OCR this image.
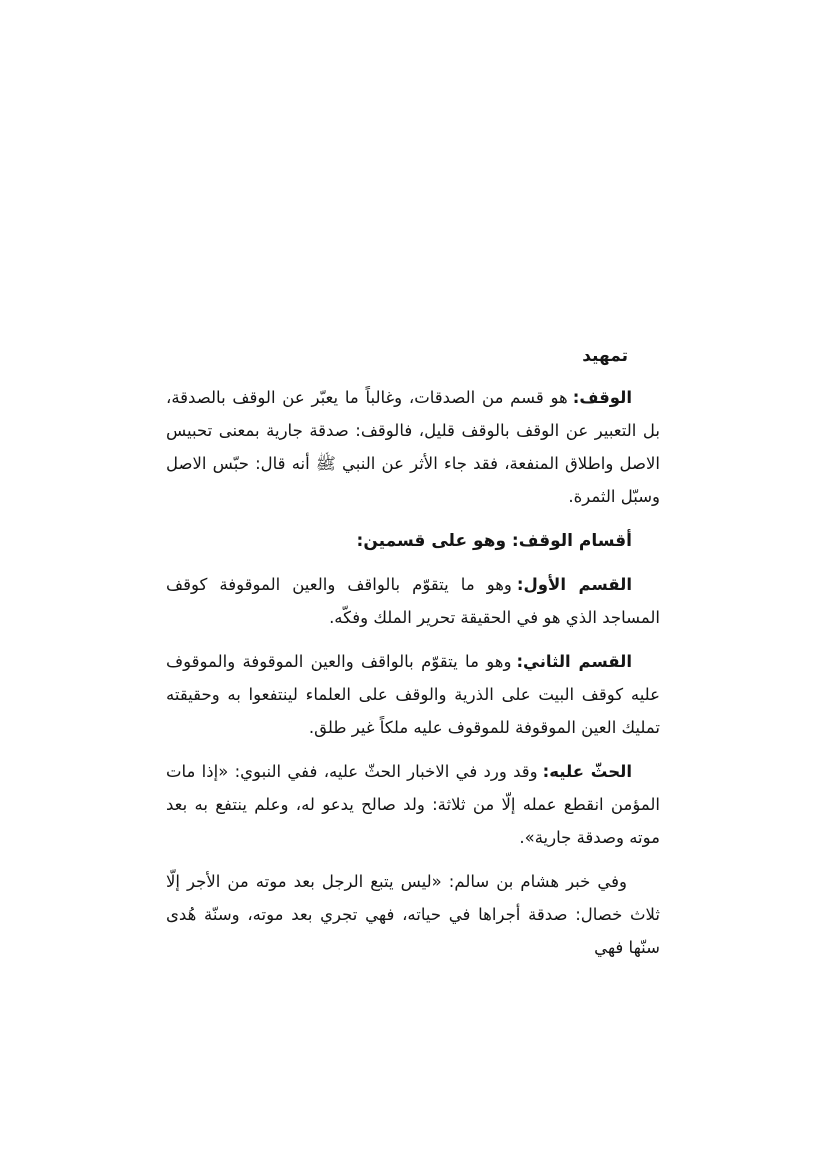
تمهيد

الوقف:هو قسم من الصدقات، وغالباً ما يعبّر عن الوقف بالصدقة، بل التعبير عن الوقف بالوقف قليل، فالوقف: صدقة جارية بمعنى تحبيس الاصل واطلاق المنفعة، فقد جاء الأثر عن النبي ﷺ أنه قال: حبّس الاصل وسبّل الثمرة.

أقسام الوقف: وهو على قسمين:

القسم الأول:وهو ما يتقوّم بالواقف والعين الموقوفة كوقف المساجد الذي هو في الحقيقة تحرير الملك وفكّه.

القسم الثاني:وهو ما يتقوّم بالواقف والعين الموقوفة والموقوف عليه كوقف البيت على الذرية والوقف على العلماء لينتفعوا به وحقيقته تمليك العين الموقوفة للموقوف عليه ملكاً غير طلق.

الحثّ عليه:وقد ورد في الاخبار الحثّ عليه، ففي النبوي: «إذا مات المؤمن انقطع عمله إلّا من ثلاثة: ولد صالح يدعو له، وعلم ينتفع به بعد موته وصدقة جارية».

وفي خبر هشام بن سالم: «ليس يتبع الرجل بعد موته من الأجر إلّا ثلاث خصال: صدقة أجراها في حياته، فهي تجري بعد موته، وسنّة هُدى سنّها فهي
